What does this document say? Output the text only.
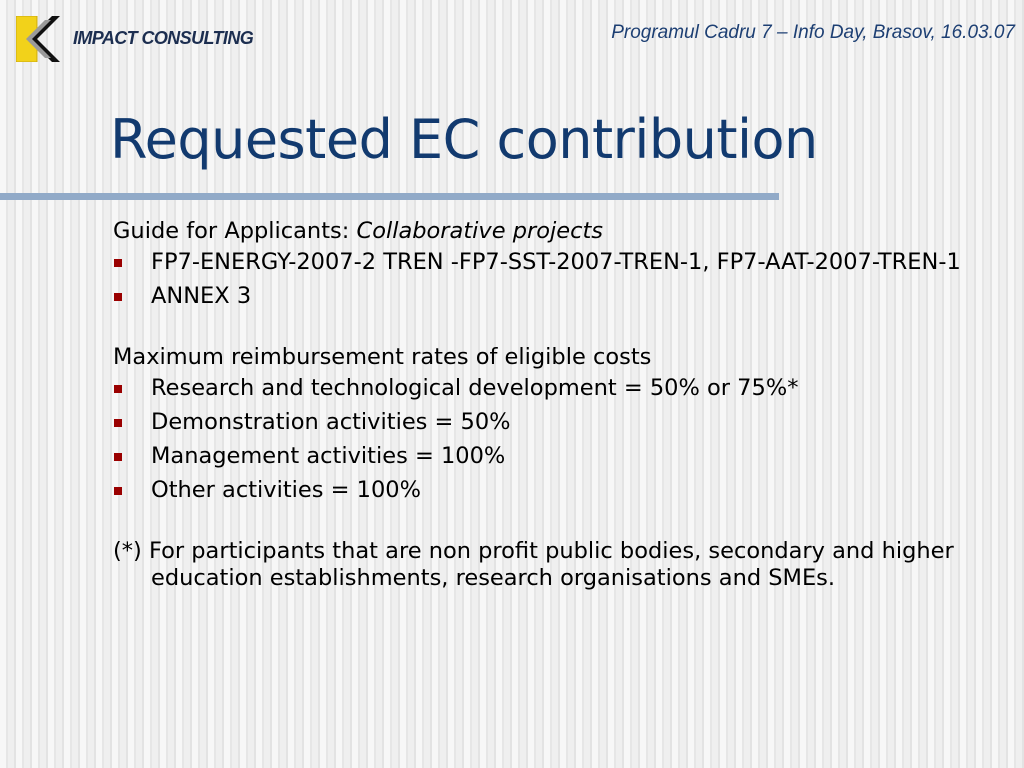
IMPACT CONSULTING	Programul Cadru 7 – Info Day, Brasov, 16.03.07
Requested EC contribution

Guide for Applicants: Collaborative projects

FP7-ENERGY-2007-2 TREN -FP7-SST-2007-TREN-1, FP7-AAT-2007-TREN-1
ANNEX 3

Maximum reimbursement rates of eligible costs

Research and technological development = 50% or 75%*
Demonstration activities = 50%
Management activities = 100%
Other activities = 100%

(*) For participants that are non profit public bodies, secondary and higher education establishments, research organisations and SMEs.
